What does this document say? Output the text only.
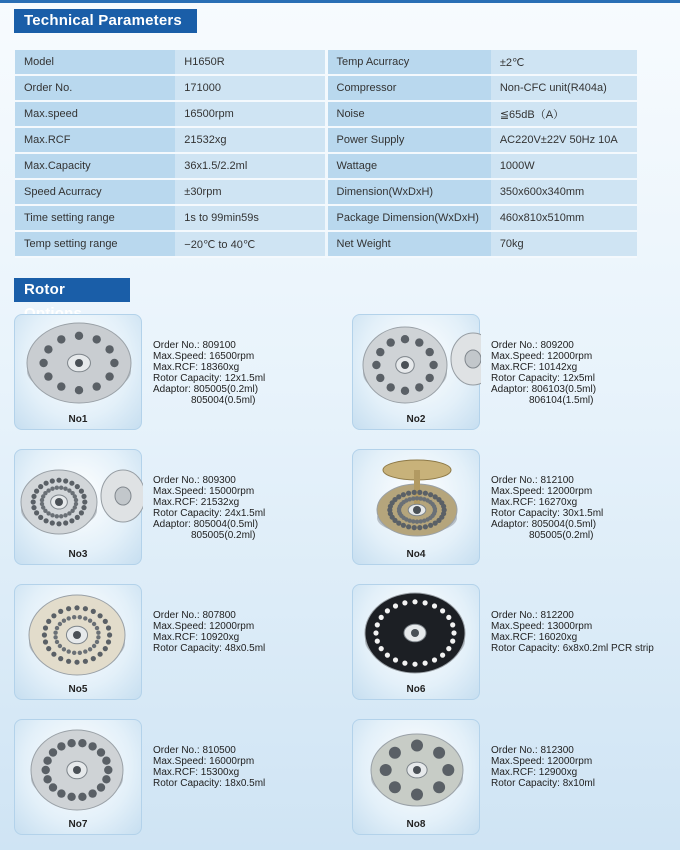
Technical Parameters
Model	H1650R		Temp Acurracy	±2℃
Order No.	171000		Compressor	Non-CFC unit(R404a)
Max.speed	16500rpm		Noise	≦65dB（A）
Max.RCF	21532xg		Power Supply	AC220V±22V 50Hz 10A
Max.Capacity	36x1.5/2.2ml		Wattage	1000W
Speed Acurracy	±30rpm		Dimension(WxDxH)	350x600x340mm
Time setting range	1s to 99min59s		Package Dimension(WxDxH)	460x810x510mm
Temp setting range	−20℃ to 40℃		Net Weight	70kg
Rotor
No1
Order No.: 809100
Max.Speed: 16500rpm
Max.RCF: 18360xg
Rotor Capacity: 12x1.5ml
Adaptor: 805005(0.2ml)
805004(0.5ml)
No2
Order No.: 809200
Max.Speed: 12000rpm
Max.RCF: 10142xg
Rotor Capacity: 12x5ml
Adaptor: 806103(0.5ml)
806104(1.5ml)
No3
Order No.: 809300
Max.Speed: 15000rpm
Max.RCF: 21532xg
Rotor Capacity: 24x1.5ml
Adaptor: 805004(0.5ml)
805005(0.2ml)
No4
Order No.: 812100
Max.Speed: 12000rpm
Max.RCF: 16270xg
Rotor Capacity: 30x1.5ml
Adaptor: 805004(0.5ml)
805005(0.2ml)
No5
Order No.: 807800
Max.Speed: 12000rpm
Max.RCF: 10920xg
Rotor Capacity: 48x0.5ml
No6
Order No.: 812200
Max.Speed: 13000rpm
Max.RCF: 16020xg
Rotor Capacity: 6x8x0.2ml PCR strip
No7
Order No.: 810500
Max.Speed: 16000rpm
Max.RCF: 15300xg
Rotor Capacity: 18x0.5ml
No8
Order No.: 812300
Max.Speed: 12000rpm
Max.RCF: 12900xg
Rotor Capacity: 8x10ml
